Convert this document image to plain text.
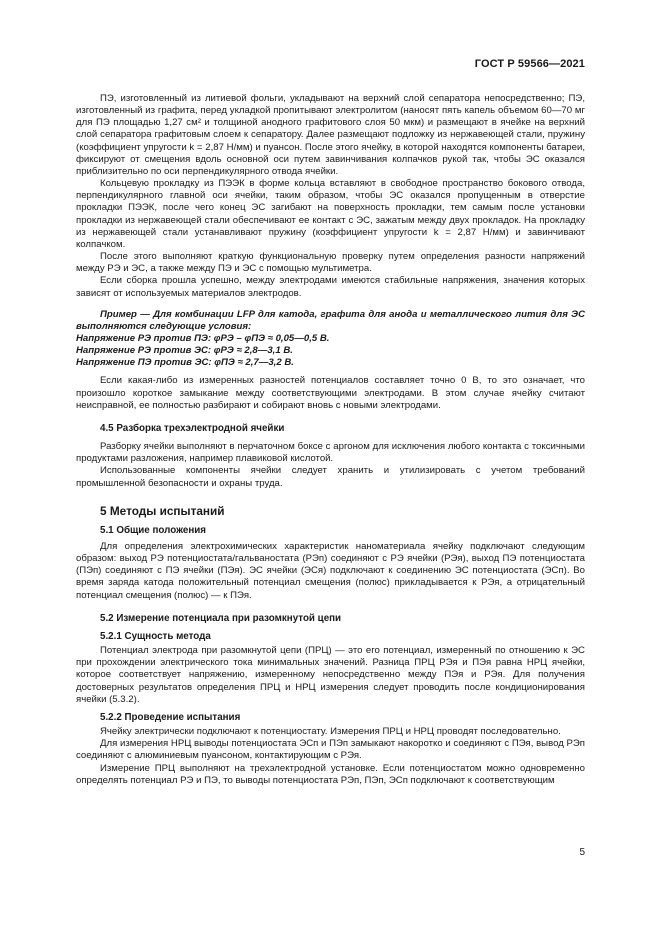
ГОСТ Р 59566—2021

ПЭ, изготовленный из литиевой фольги, укладывают на верхний слой сепаратора непосредственно; ПЭ, изготовленный из графита, перед укладкой пропитывают электролитом (наносят пять капель объемом 60—70 мг для ПЭ площадью 1,27 см² и толщиной анодного графитового слоя 50 мкм) и размещают в ячейке на верхний слой сепаратора графитовым слоем к сепаратору. Далее размещают подложку из нержавеющей стали, пружину (коэффициент упругости k = 2,87 Н/мм) и пуансон. После этого ячейку, в которой находятся компоненты батареи, фиксируют от смещения вдоль основной оси путем завинчивания колпачков рукой так, чтобы ЭС оказался приблизительно по оси перпендикулярного отвода ячейки.

Кольцевую прокладку из ПЭЭК в форме кольца вставляют в свободное пространство бокового отвода, перпендикулярного главной оси ячейки, таким образом, чтобы ЭС оказался пропущенным в отверстие прокладки ПЭЭК, после чего конец ЭС загибают на поверхность прокладки, тем самым после установки прокладки из нержавеющей стали обеспечивают ее контакт с ЭС, зажатым между двух прокладок. На прокладку из нержавеющей стали устанавливают пружину (коэффициент упругости k = 2,87 Н/мм) и завинчивают колпачком.

После этого выполняют краткую функциональную проверку путем определения разности напряжений между РЭ и ЭС, а также между ПЭ и ЭС с помощью мультиметра.

Если сборка прошла успешно, между электродами имеются стабильные напряжения, значения которых зависят от используемых материалов электродов.

Пример — Для комбинации LFP для катода, графита для анода и металлического лития для ЭС выполняются следующие условия:
Напряжение РЭ против ПЭ: φРЭ – φПЭ ≈ 0,05—0,5 В.
Напряжение РЭ против ЭС: φРЭ ≈ 2,8—3,1 В.
Напряжение ПЭ против ЭС: φПЭ ≈ 2,7—3,2 В.

Если какая-либо из измеренных разностей потенциалов составляет точно 0 В, то это означает, что произошло короткое замыкание между соответствующими электродами. В этом случае ячейку считают неисправной, ее полностью разбирают и собирают вновь с новыми электродами.

4.5 Разборка трехэлектродной ячейки

Разборку ячейки выполняют в перчаточном боксе с аргоном для исключения любого контакта с токсичными продуктами разложения, например плавиковой кислотой.

Использованные компоненты ячейки следует хранить и утилизировать с учетом требований промышленной безопасности и охраны труда.

5 Методы испытаний
5.1 Общие положения

Для определения электрохимических характеристик наноматериала ячейку подключают следующим образом: выход РЭ потенциостата/гальваностата (РЭп) соединяют с РЭ ячейки (РЭя), выход ПЭ потенциостата (ПЭп) соединяют с ПЭ ячейки (ПЭя). ЭС ячейки (ЭСя) подключают к соединению ЭС потенциостата (ЭСп). Во время заряда катода положительный потенциал смещения (полюс) прикладывается к РЭя, а отрицательный потенциал смещения (полюс) — к ПЭя.

5.2 Измерение потенциала при разомкнутой цепи
5.2.1 Сущность метода

Потенциал электрода при разомкнутой цепи (ПРЦ) — это его потенциал, измеренный по отношению к ЭС при прохождении электрического тока минимальных значений. Разница ПРЦ РЭя и ПЭя равна НРЦ ячейки, которое соответствует напряжению, измеренному непосредственно между ПЭя и РЭя. Для получения достоверных результатов определения ПРЦ и НРЦ измерения следует проводить после кондиционирования ячейки (5.3.2).

5.2.2 Проведение испытания

Ячейку электрически подключают к потенциостату. Измерения ПРЦ и НРЦ проводят последовательно.

Для измерения НРЦ выводы потенциостата ЭСп и ПЭп замыкают накоротко и соединяют с ПЭя, вывод РЭп соединяют с алюминиевым пуансоном, контактирующим с РЭя.

Измерение ПРЦ выполняют на трехэлектродной установке. Если потенциостатом можно одновременно определять потенциал РЭ и ПЭ, то выводы потенциостата РЭп, ПЭп, ЭСп подключают к соответствующим

5
